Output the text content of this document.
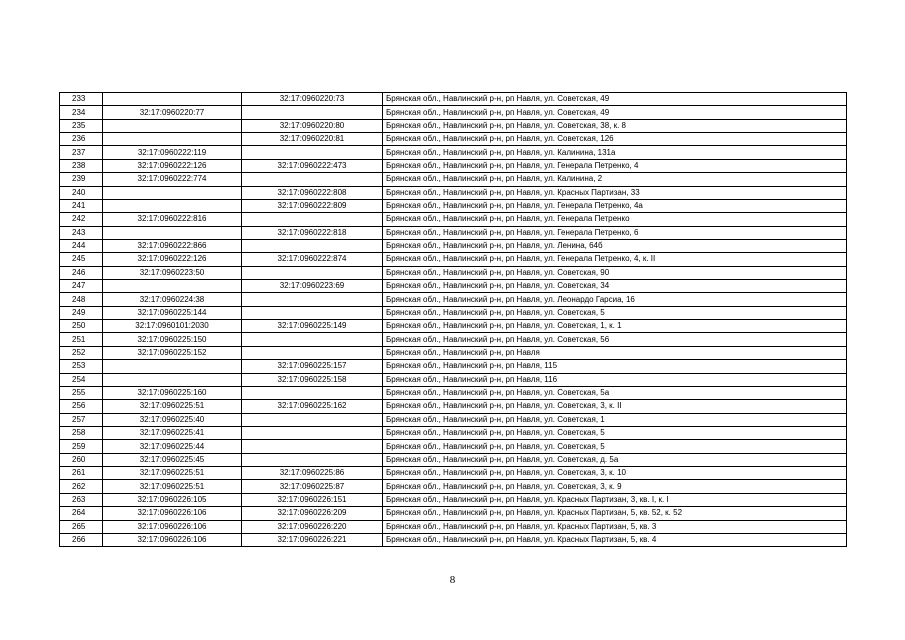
233		32:17:0960220:73	Брянская обл., Навлинский р-н, рп Навля, ул. Советская, 49
234	32:17:0960220:77		Брянская обл., Навлинский р-н, рп Навля, ул. Советская, 49
235		32:17:0960220:80	Брянская обл., Навлинский р-н, рп Навля, ул. Советская, 38, к. 8
236		32:17:0960220:81	Брянская обл., Навлинский р-н, рп Навля, ул. Советская, 126
237	32:17:0960222:119		Брянская обл., Навлинский р-н, рп Навля, ул. Калинина, 131а
238	32:17:0960222:126	32:17:0960222:473	Брянская обл., Навлинский р-н, рп Навля, ул. Генерала Петренко, 4
239	32:17:0960222:774		Брянская обл., Навлинский р-н, рп Навля, ул. Калинина, 2
240		32:17:0960222:808	Брянская обл., Навлинский р-н, рп Навля, ул. Красных Партизан, 33
241		32:17:0960222:809	Брянская обл., Навлинский р-н, рп Навля, ул. Генерала Петренко, 4а
242	32:17:0960222:816		Брянская обл., Навлинский р-н, рп Навля, ул. Генерала Петренко
243		32:17:0960222:818	Брянская обл., Навлинский р-н, рп Навля, ул. Генерала Петренко, 6
244	32:17:0960222:866		Брянская обл., Навлинский р-н, рп Навля, ул. Ленина, 64б
245	32:17:0960222:126	32:17:0960222:874	Брянская обл., Навлинский р-н, рп Навля, ул. Генерала Петренко, 4, к. II
246	32:17:0960223:50		Брянская обл., Навлинский р-н, рп Навля, ул. Советская, 90
247		32:17:0960223:69	Брянская обл., Навлинский р-н, рп Навля, ул. Советская, 34
248	32:17:0960224:38		Брянская обл., Навлинский р-н, рп Навля, ул. Леонардо Гарсиа, 16
249	32:17:0960225:144		Брянская обл., Навлинский р-н, рп Навля, ул. Советская, 5
250	32:17:0960101:2030	32:17:0960225:149	Брянская обл., Навлинский р-н, рп Навля, ул. Советская, 1, к. 1
251	32:17:0960225:150		Брянская обл., Навлинский р-н, рп Навля, ул. Советская, 56
252	32:17:0960225:152		Брянская обл., Навлинский р-н, рп Навля
253		32:17:0960225:157	Брянская обл., Навлинский р-н, рп Навля, 115
254		32:17:0960225:158	Брянская обл., Навлинский р-н, рп Навля, 116
255	32:17:0960225:160		Брянская обл., Навлинский р-н, рп Навля, ул. Советская, 5а
256	32:17:0960225:51	32:17:0960225:162	Брянская обл., Навлинский р-н, рп Навля, ул. Советская, 3, к. II
257	32:17:0960225:40		Брянская обл., Навлинский р-н, рп Навля, ул. Советская, 1
258	32:17:0960225:41		Брянская обл., Навлинский р-н, рп Навля, ул. Советская, 5
259	32:17:0960225:44		Брянская обл., Навлинский р-н, рп Навля, ул. Советская, 5
260	32:17:0960225:45		Брянская обл., Навлинский р-н, рп Навля, ул. Советская, д. 5а
261	32:17:0960225:51	32:17:0960225:86	Брянская обл., Навлинский р-н, рп Навля, ул. Советская, 3, к. 10
262	32:17:0960225:51	32:17:0960225:87	Брянская обл., Навлинский р-н, рп Навля, ул. Советская, 3, к. 9
263	32:17:0960226:105	32:17:0960226:151	Брянская обл., Навлинский р-н, рп Навля, ул. Красных Партизан, 3, кв. I, к. I
264	32:17:0960226:106	32:17:0960226:209	Брянская обл., Навлинский р-н, рп Навля, ул. Красных Партизан, 5, кв. 52, к. 52
265	32:17:0960226:106	32:17:0960226:220	Брянская обл., Навлинский р-н, рп Навля, ул. Красных Партизан, 5, кв. 3
266	32:17:0960226:106	32:17:0960226:221	Брянская обл., Навлинский р-н, рп Навля, ул. Красных Партизан, 5, кв. 4
8
